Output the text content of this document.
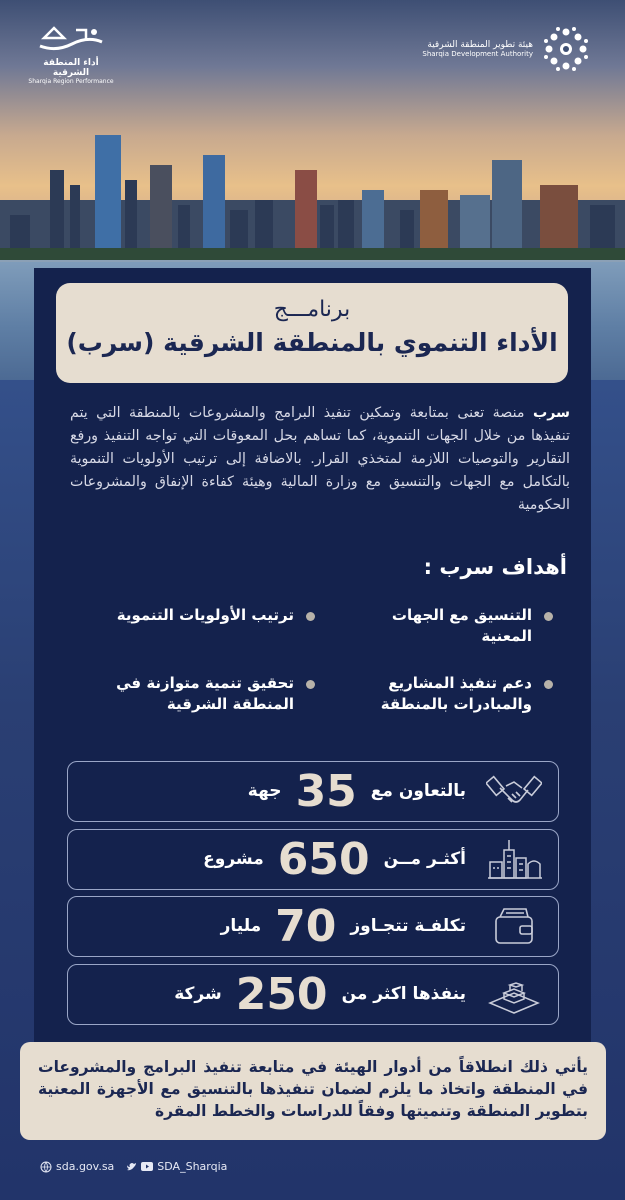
أداء المنطقة الشرقية
Sharqia Region Performance
هيئة تطوير المنطقة الشرقية
Sharqia Development Authority
برنامـــج
الأداء التنموي بالمنطقة الشرقية (سرب)
سرب منصة تعنى بمتابعة وتمكين تنفيذ البرامج والمشروعات بالمنطقة التي يتم تنفيذها من خلال الجهات التنموية، كما تساهم بحل المعوقات التي تواجه التنفيذ ورفع التقارير والتوصيات اللازمة لمتخذي القرار. بالاضافة إلى ترتيب الأولويات التنموية بالتكامل مع الجهات والتنسيق مع وزارة المالية وهيئة كفاءة الإنفاق والمشروعات الحكومية
أهداف سرب :
التنسيق مع الجهات المعنية
ترتيب الأولويات التنموية
دعم تنفيذ المشاريع والمبادرات بالمنطقة
تحقيق تنمية متوازنة في المنطقة الشرقية
بالتعاون مع
35
جهة
أكثـر مــن
650
مشروع
تكلفـة تتجـاوز
70
مليار
ينفذها اكثر من
250
شركة
يأتي ذلك انطلاقاً من أدوار الهيئة في متابعة تنفيذ البرامج والمشروعات في المنطقة واتخاذ ما يلزم لضمان تنفيذها بالتنسيق مع الأجهزة المعنية بتطوير المنطقة وتنميتها وفقاً للدراسات والخطط المقرة
sda.gov.sa	SDA_Sharqia
